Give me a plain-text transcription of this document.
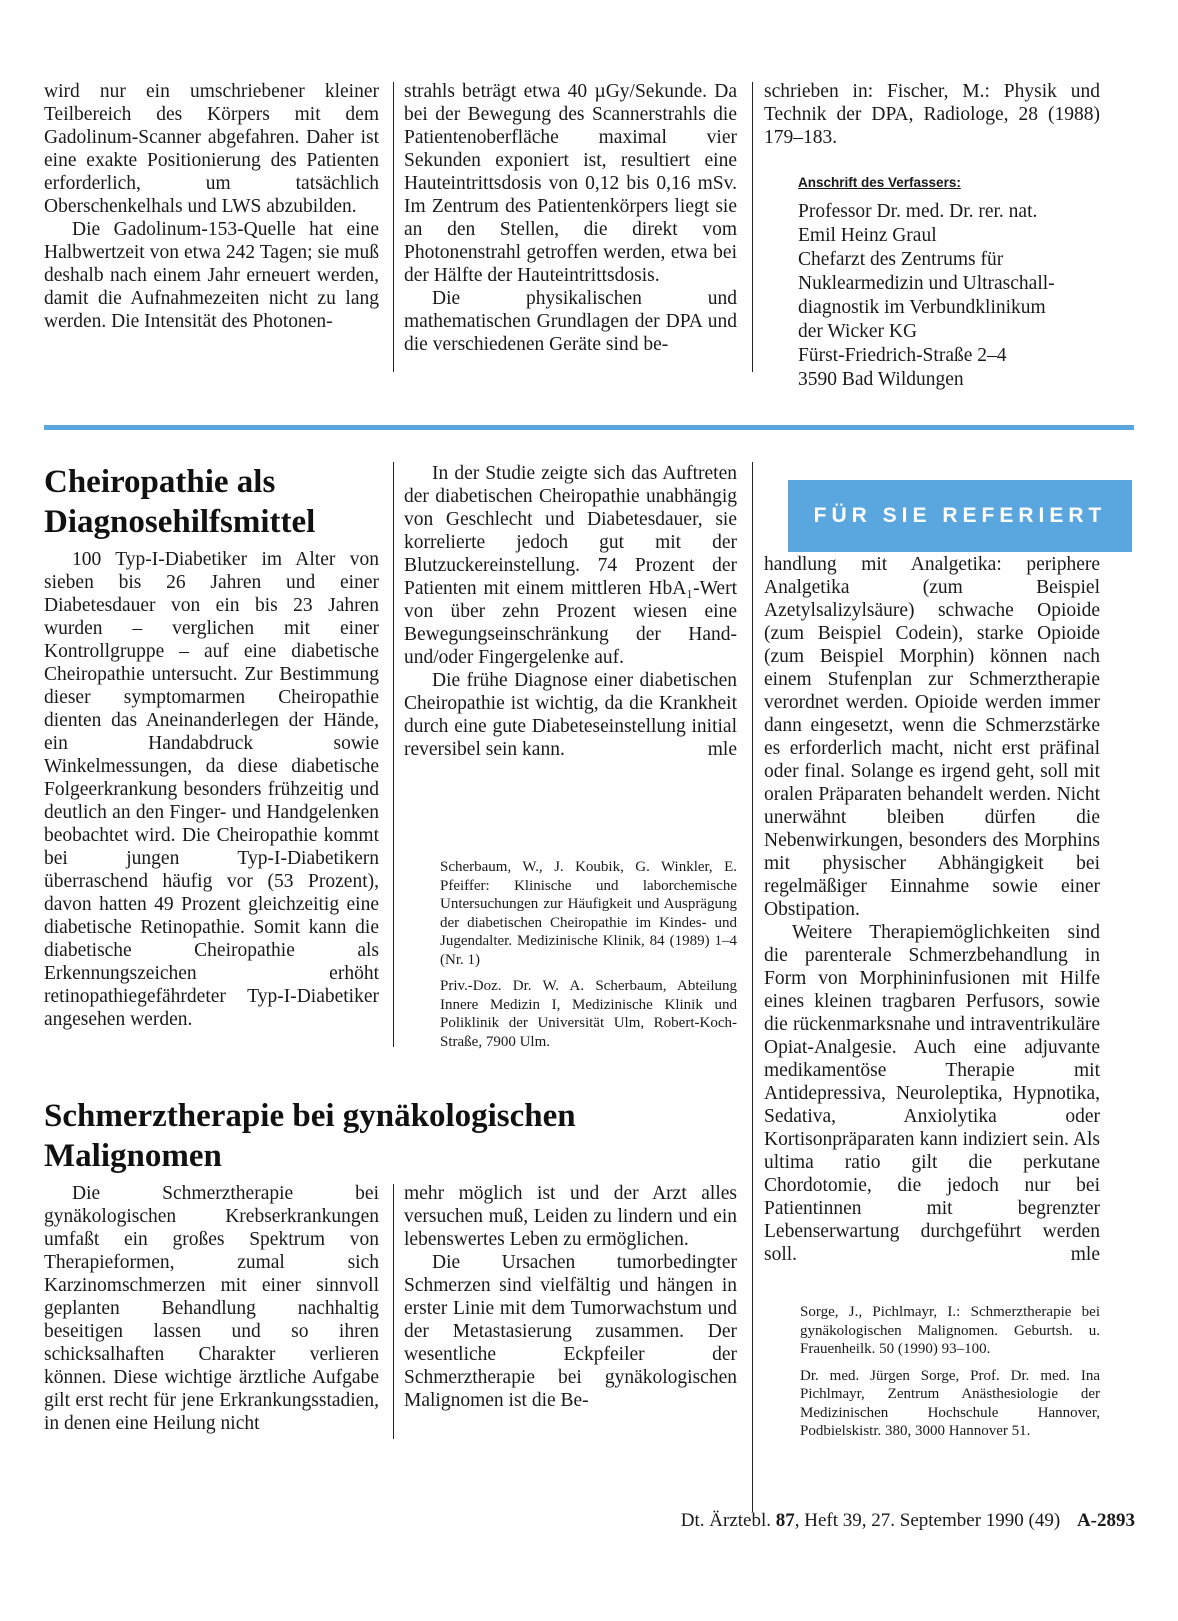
wird nur ein umschriebener kleiner Teilbereich des Körpers mit dem Gadolinum-Scanner abgefahren. Daher ist eine exakte Positionierung des Patienten erforderlich, um tatsächlich Oberschenkelhals und LWS abzubilden.

Die Gadolinum-153-Quelle hat eine Halbwertzeit von etwa 242 Tagen; sie muß deshalb nach einem Jahr erneuert werden, damit die Aufnahmezeiten nicht zu lang werden. Die Intensität des Photonen-

strahls beträgt etwa 40 µGy/Sekunde. Da bei der Bewegung des Scannerstrahls die Patientenoberfläche maximal vier Sekunden exponiert ist, resultiert eine Hauteintrittsdosis von 0,12 bis 0,16 mSv. Im Zentrum des Patientenkörpers liegt sie an den Stellen, die direkt vom Photonenstrahl getroffen werden, etwa bei der Hälfte der Hauteintrittsdosis.

Die physikalischen und mathematischen Grundlagen der DPA und die verschiedenen Geräte sind be-

schrieben in: Fischer, M.: Physik und Technik der DPA, Radiologe, 28 (1988) 179–183.

Anschrift des Verfassers:
Professor Dr. med. Dr. rer. nat.
Emil Heinz Graul
Chefarzt des Zentrums für
Nuklearmedizin und Ultraschall-
diagnostik im Verbundklinikum
der Wicker KG
Fürst-Friedrich-Straße 2–4
3590 Bad Wildungen
Cheiropathie als Diagnosehilfsmittel

100 Typ-I-Diabetiker im Alter von sieben bis 26 Jahren und einer Diabetesdauer von ein bis 23 Jahren wurden – verglichen mit einer Kontrollgruppe – auf eine diabetische Cheiropathie untersucht. Zur Bestimmung dieser symptomarmen Cheiropathie dienten das Aneinanderlegen der Hände, ein Handabdruck sowie Winkelmessungen, da diese diabetische Folgeerkrankung besonders frühzeitig und deutlich an den Finger- und Handgelenken beobachtet wird. Die Cheiropathie kommt bei jungen Typ-I-Diabetikern überraschend häufig vor (53 Prozent), davon hatten 49 Prozent gleichzeitig eine diabetische Retinopathie. Somit kann die diabetische Cheiropathie als Erkennungszeichen erhöht retinopathiegefährdeter Typ-I-Diabetiker angesehen werden.

In der Studie zeigte sich das Auftreten der diabetischen Cheiropathie unabhängig von Geschlecht und Diabetesdauer, sie korrelierte jedoch gut mit der Blutzuckereinstellung. 74 Prozent der Patienten mit einem mittleren HbA₁-Wert von über zehn Prozent wiesen eine Bewegungseinschränkung der Hand- und/oder Fingergelenke auf.

Die frühe Diagnose einer diabetischen Cheiropathie ist wichtig, da die Krankheit durch eine gute Diabeteseinstellung initial reversibel sein kann.	mle

Scherbaum, W., J. Koubik, G. Winkler, E. Pfeiffer: Klinische und laborchemische Untersuchungen zur Häufigkeit und Ausprägung der diabetischen Cheiropathie im Kindes- und Jugendalter. Medizinische Klinik, 84 (1989) 1–4 (Nr. 1)

Priv.-Doz. Dr. W. A. Scherbaum, Abteilung Innere Medizin I, Medizinische Klinik und Poliklinik der Universität Ulm, Robert-Koch-Straße, 7900 Ulm.

FÜR SIE REFERIERT
Schmerztherapie bei gynäkologischen Malignomen

Die Schmerztherapie bei gynäkologischen Krebserkrankungen umfaßt ein großes Spektrum von Therapieformen, zumal sich Karzinomschmerzen mit einer sinnvoll geplanten Behandlung nachhaltig beseitigen lassen und so ihren schicksalhaften Charakter verlieren können. Diese wichtige ärztliche Aufgabe gilt erst recht für jene Erkrankungsstadien, in denen eine Heilung nicht

mehr möglich ist und der Arzt alles versuchen muß, Leiden zu lindern und ein lebenswertes Leben zu ermöglichen.

Die Ursachen tumorbedingter Schmerzen sind vielfältig und hängen in erster Linie mit dem Tumorwachstum und der Metastasierung zusammen. Der wesentliche Eckpfeiler der Schmerztherapie bei gynäkologischen Malignomen ist die Be-

handlung mit Analgetika: periphere Analgetika (zum Beispiel Azetylsalizylsäure) schwache Opioide (zum Beispiel Codein), starke Opioide (zum Beispiel Morphin) können nach einem Stufenplan zur Schmerztherapie verordnet werden. Opioide werden immer dann eingesetzt, wenn die Schmerzstärke es erforderlich macht, nicht erst präfinal oder final. Solange es irgend geht, soll mit oralen Präparaten behandelt werden. Nicht unerwähnt bleiben dürfen die Nebenwirkungen, besonders des Morphins mit physischer Abhängigkeit bei regelmäßiger Einnahme sowie einer Obstipation.

Weitere Therapiemöglichkeiten sind die parenterale Schmerzbehandlung in Form von Morphininfusionen mit Hilfe eines kleinen tragbaren Perfusors, sowie die rückenmarksnahe und intraventrikuläre Opiat-Analgesie. Auch eine adjuvante medikamentöse Therapie mit Antidepressiva, Neuroleptika, Hypnotika, Sedativa, Anxiolytika oder Kortisonpräparaten kann indiziert sein. Als ultima ratio gilt die perkutane Chordotomie, die jedoch nur bei Patientinnen mit begrenzter Lebenserwartung durchgeführt werden soll.	mle

Sorge, J., Pichlmayr, I.: Schmerztherapie bei gynäkologischen Malignomen. Geburtsh. u. Frauenheilk. 50 (1990) 93–100.

Dr. med. Jürgen Sorge, Prof. Dr. med. Ina Pichlmayr, Zentrum Anästhesiologie der Medizinischen Hochschule Hannover, Podbielskistr. 380, 3000 Hannover 51.

Dt. Ärztebl. 87, Heft 39, 27. September 1990 (49) A-2893
